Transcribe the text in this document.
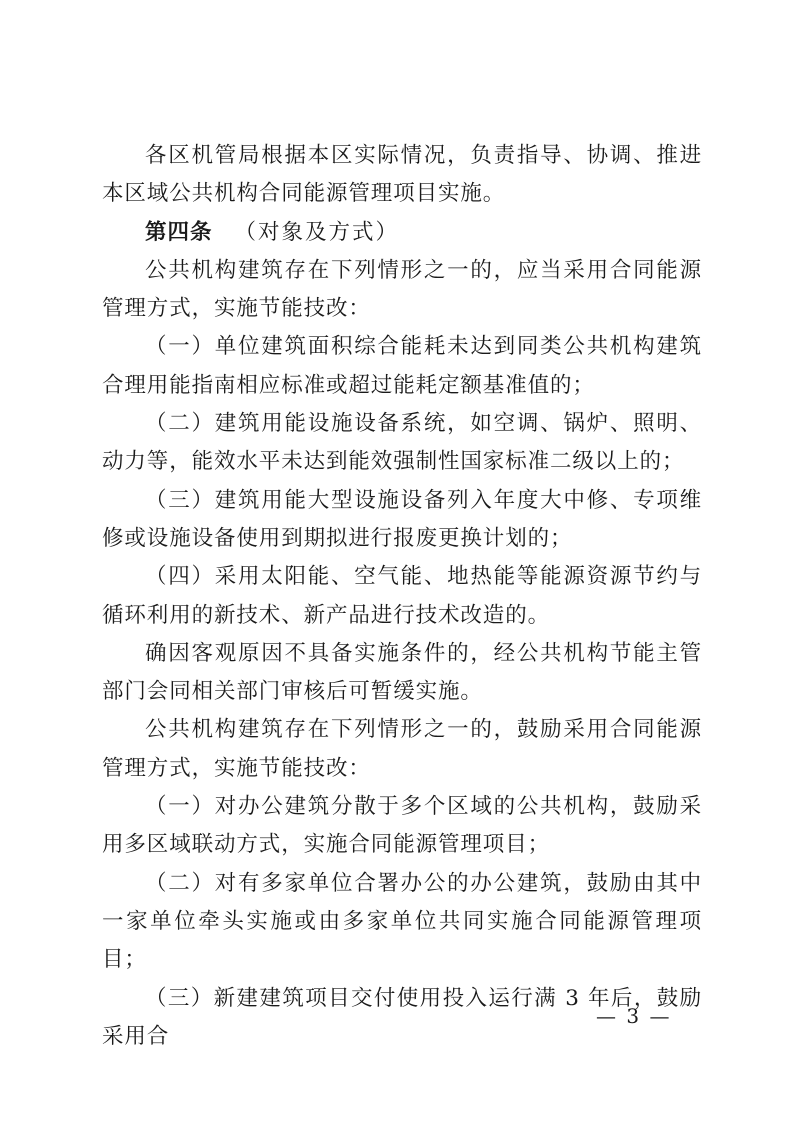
各区机管局根据本区实际情况，负责指导、协调、推进本区域公共机构合同能源管理项目实施。

第四条 （对象及方式）

公共机构建筑存在下列情形之一的，应当采用合同能源管理方式，实施节能技改：

（一）单位建筑面积综合能耗未达到同类公共机构建筑合理用能指南相应标准或超过能耗定额基准值的；

（二）建筑用能设施设备系统，如空调、锅炉、照明、动力等，能效水平未达到能效强制性国家标准二级以上的；

（三）建筑用能大型设施设备列入年度大中修、专项维修或设施设备使用到期拟进行报废更换计划的；

（四）采用太阳能、空气能、地热能等能源资源节约与循环利用的新技术、新产品进行技术改造的。

确因客观原因不具备实施条件的，经公共机构节能主管部门会同相关部门审核后可暂缓实施。

公共机构建筑存在下列情形之一的，鼓励采用合同能源管理方式，实施节能技改：

（一）对办公建筑分散于多个区域的公共机构，鼓励采用多区域联动方式，实施合同能源管理项目；

（二）对有多家单位合署办公的办公建筑，鼓励由其中一家单位牵头实施或由多家单位共同实施合同能源管理项目；

（三）新建建筑项目交付使用投入运行满 3 年后，鼓励采用合

— 3 —
